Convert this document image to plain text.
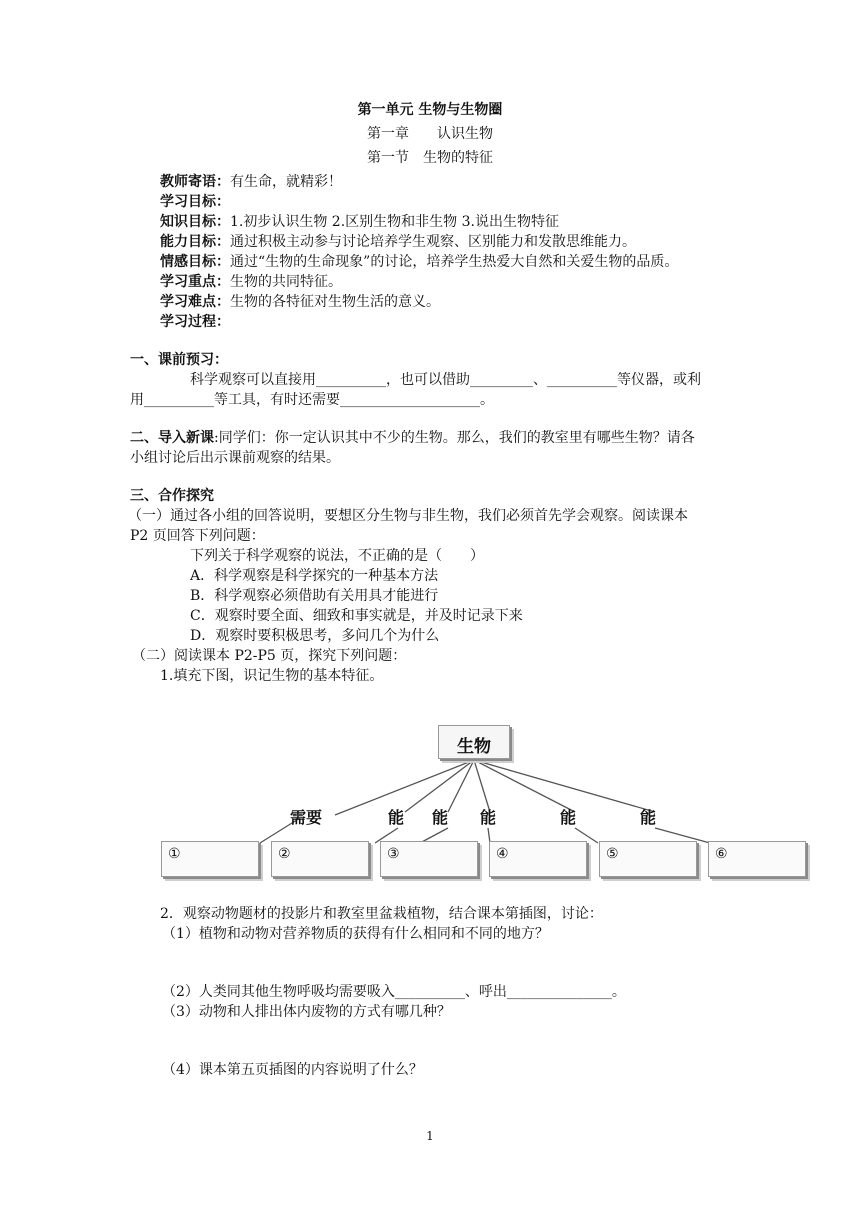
第一单元 生物与生物圈
第一章　　认识生物
第一节　生物的特征
教师寄语：有生命，就精彩！
学习目标：
知识目标：1.初步认识生物 2.区别生物和非生物 3.说出生物特征
能力目标：通过积极主动参与讨论培养学生观察、区别能力和发散思维能力。
情感目标：通过“生物的生命现象”的讨论，培养学生热爱大自然和关爱生物的品质。
学习重点：生物的共同特征。
学习难点：生物的各特征对生物生活的意义。
学习过程：
一、课前预习：
科学观察可以直接用__________，也可以借助_________、__________等仪器，或利
用__________等工具，有时还需要____________________。
二、导入新课:同学们：你一定认识其中不少的生物。那么，我们的教室里有哪些生物？请各
小组讨论后出示课前观察的结果。
三、合作探究
（一）通过各小组的回答说明，要想区分生物与非生物，我们必须首先学会观察。阅读课本
P2 页回答下列问题：
下列关于科学观察的说法，不正确的是（　　）
A．科学观察是科学探究的一种基本方法
B．科学观察必须借助有关用具才能进行
C．观察时要全面、细致和事实就是，并及时记录下来
D．观察时要积极思考，多问几个为什么
（二）阅读课本 P2-P5 页，探究下列问题：
1.填充下图，识记生物的基本特征。
生物
需要	能 能 能	能	能
①	②	③	④	⑤	⑥
2．观察动物题材的投影片和教室里盆栽植物，结合课本第插图，讨论：
（1）植物和动物对营养物质的获得有什么相同和不同的地方？
（2）人类同其他生物呼吸均需要吸入__________、呼出_______________。
（3）动物和人排出体内废物的方式有哪几种？
（4）课本第五页插图的内容说明了什么？
1
